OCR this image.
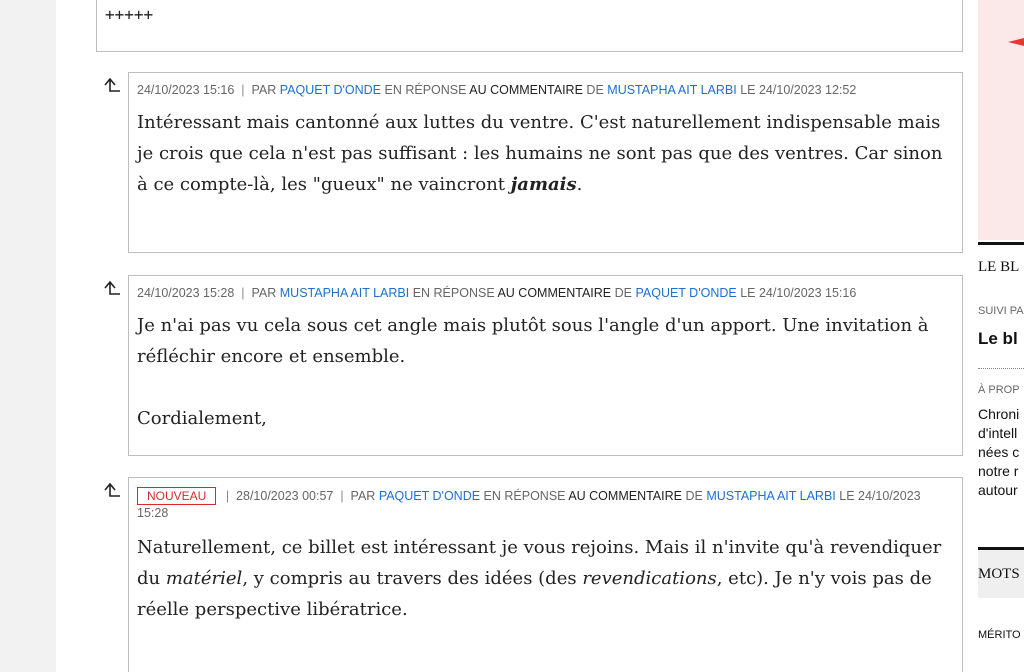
+++++
24/10/2023 15:16  |  PAR PAQUET D'ONDE EN RÉPONSE AU COMMENTAIRE DE MUSTAPHA AIT LARBI LE 24/10/2023 12:52

Intéressant mais cantonné aux luttes du ventre. C'est naturellement indispensable mais je crois que cela n'est pas suffisant : les humains ne sont pas que des ventres. Car sinon à ce compte-là, les "gueux" ne vaincront jamais.

24/10/2023 15:28  |  PAR MUSTAPHA AIT LARBI EN RÉPONSE AU COMMENTAIRE DE PAQUET D'ONDE LE 24/10/2023 15:16

Je n'ai pas vu cela sous cet angle mais plutôt sous l'angle d'un apport. Une invitation à réfléchir encore et ensemble.

Cordialement,

NOUVEAU |  28/10/2023 00:57  |  PAR PAQUET D'ONDE EN RÉPONSE AU COMMENTAIRE DE MUSTAPHA AIT LARBI LE 24/10/2023 15:28

Naturellement, ce billet est intéressant je vous rejoins. Mais il n'invite qu'à revendiquer du matériel, y compris au travers des idées (des revendications, etc). Je n'y vois pas de réelle perspective libératrice.

LE BL
SUIVI PA
Le bl
À PROP
Chroni
d'intell
nées c
notre r
autour
MOTS
MÉRITO
